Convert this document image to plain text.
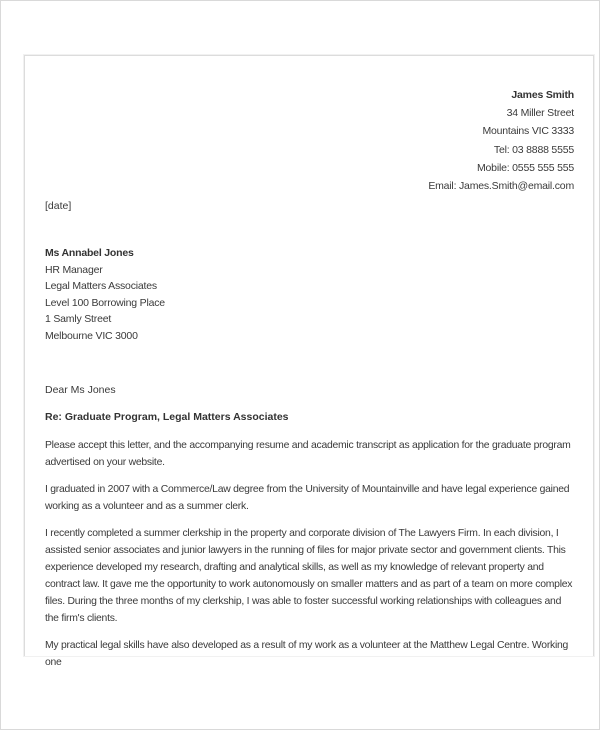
James Smith
34 Miller Street
Mountains VIC 3333
Tel: 03 8888 5555
Mobile: 0555 555 555
Email: James.Smith@email.com
[date]
Ms Annabel Jones
HR Manager
Legal Matters Associates
Level 100 Borrowing Place
1 Samly Street
Melbourne VIC 3000
Dear Ms Jones
Re: Graduate Program, Legal Matters Associates

Please accept this letter, and the accompanying resume and academic transcript as application for the graduate program advertised on your website.

I graduated in 2007 with a Commerce/Law degree from the University of Mountainville and have legal experience gained working as a volunteer and as a summer clerk.

I recently completed a summer clerkship in the property and corporate division of The Lawyers Firm. In each division, I assisted senior associates and junior lawyers in the running of files for major private sector and government clients. This experience developed my research, drafting and analytical skills, as well as my knowledge of relevant property and contract law. It gave me the opportunity to work autonomously on smaller matters and as part of a team on more complex files. During the three months of my clerkship, I was able to foster successful working relationships with colleagues and the firm's clients.

My practical legal skills have also developed as a result of my work as a volunteer at the Matthew Legal Centre. Working one
